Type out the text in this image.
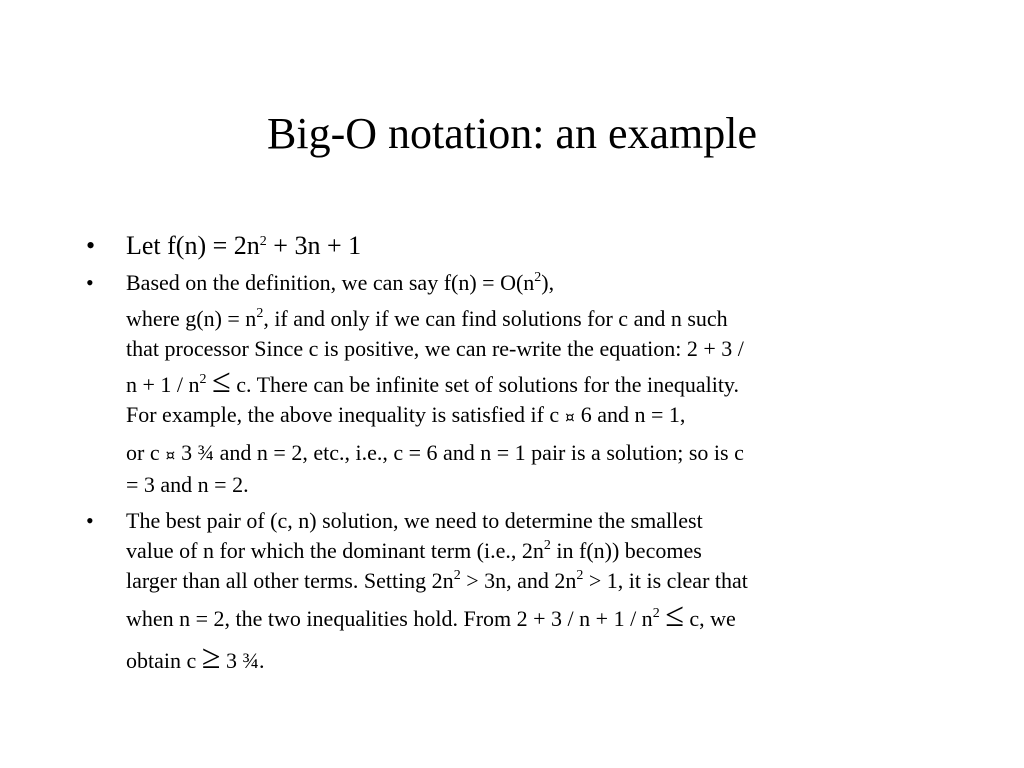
Big-O notation: an example
• Let $f(n) = 2n^2 + 3n + 1$
• Based on the definition, we can say $f(n) = O(n^2)$,
where $g(n) = n^2$, if and only if we can find solutions for c and n such
that processor Since c is positive, we can re-write the equation: 2 + 3 /
$n + 1 / n^2 \le c$. There can be infinite set of solutions for the inequality.
For example, the above inequality is satisfied if c ¤ 6 and n = 1,
or c ¤ 3 ¾ and n = 2, etc., i.e., c = 6 and n = 1 pair is a solution; so is c
= 3 and n = 2.
• The best pair of (c, n) solution, we need to determine the smallest
value of n for which the dominant term (i.e., $2n^2$ in f(n)) becomes
larger than all other terms. Setting $2n^2 > 3n$, and $2n^2 > 1$, it is clear that
when n = 2, the two inequalities hold. From $2 + 3 / n + 1 / n^2 \le c$, we
obtain c ≥ 3 ¾.
